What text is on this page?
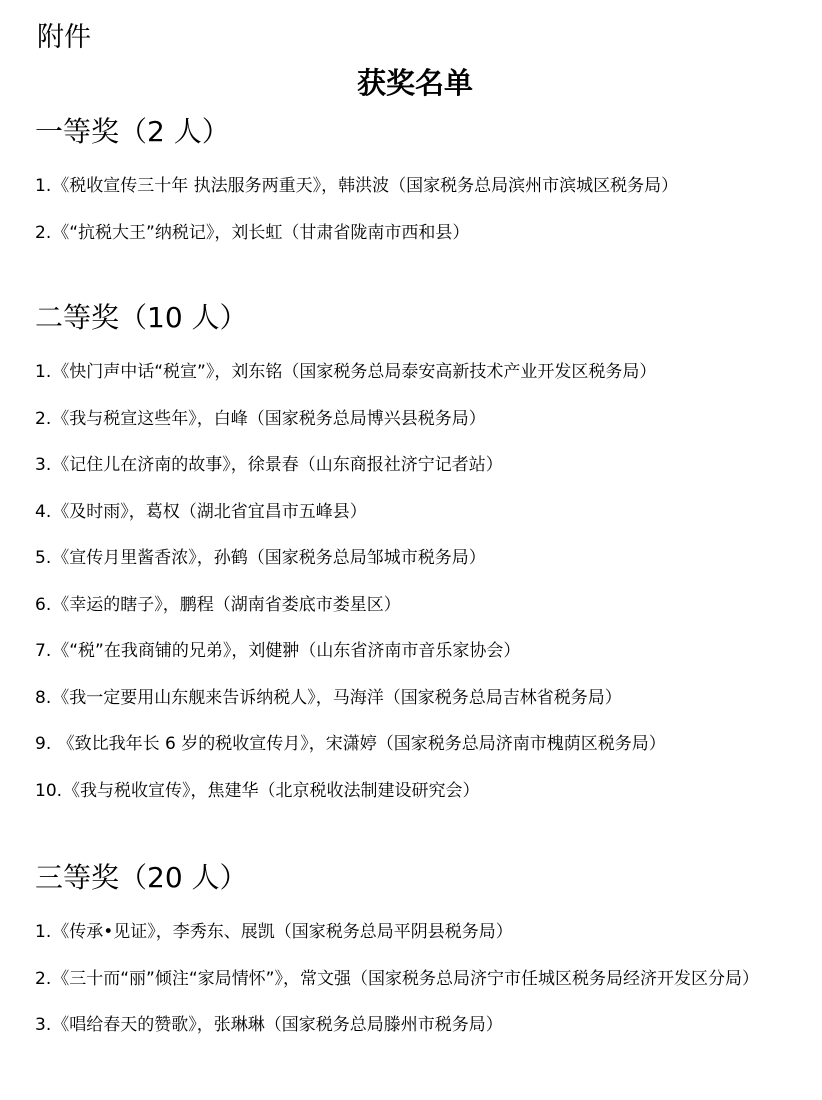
附件
获奖名单
一等奖（2 人）
1.《税收宣传三十年 执法服务两重天》，韩洪波（国家税务总局滨州市滨城区税务局）
2.《“抗税大王”纳税记》，刘长虹（甘肃省陇南市西和县）
二等奖（10 人）
1.《快门声中话“税宣”》，刘东铭（国家税务总局泰安高新技术产业开发区税务局）
2.《我与税宣这些年》，白峰（国家税务总局博兴县税务局）
3.《记住儿在济南的故事》，徐景春（山东商报社济宁记者站）
4.《及时雨》，葛权（湖北省宜昌市五峰县）
5.《宣传月里酱香浓》，孙鹤（国家税务总局邹城市税务局）
6.《幸运的瞎子》，鹏程（湖南省娄底市娄星区）
7.《“税”在我商铺的兄弟》，刘健翀（山东省济南市音乐家协会）
8.《我一定要用山东舰来告诉纳税人》，马海洋（国家税务总局吉林省税务局）
9. 《致比我年长 6 岁的税收宣传月》，宋潇婷（国家税务总局济南市槐荫区税务局）
10.《我与税收宣传》，焦建华（北京税收法制建设研究会）
三等奖（20 人）
1.《传承•见证》，李秀东、展凯（国家税务总局平阴县税务局）
2.《三十而“丽”倾注“家局情怀”》，常文强（国家税务总局济宁市任城区税务局经济开发区分局）
3.《唱给春天的赞歌》，张琳琳（国家税务总局滕州市税务局）
